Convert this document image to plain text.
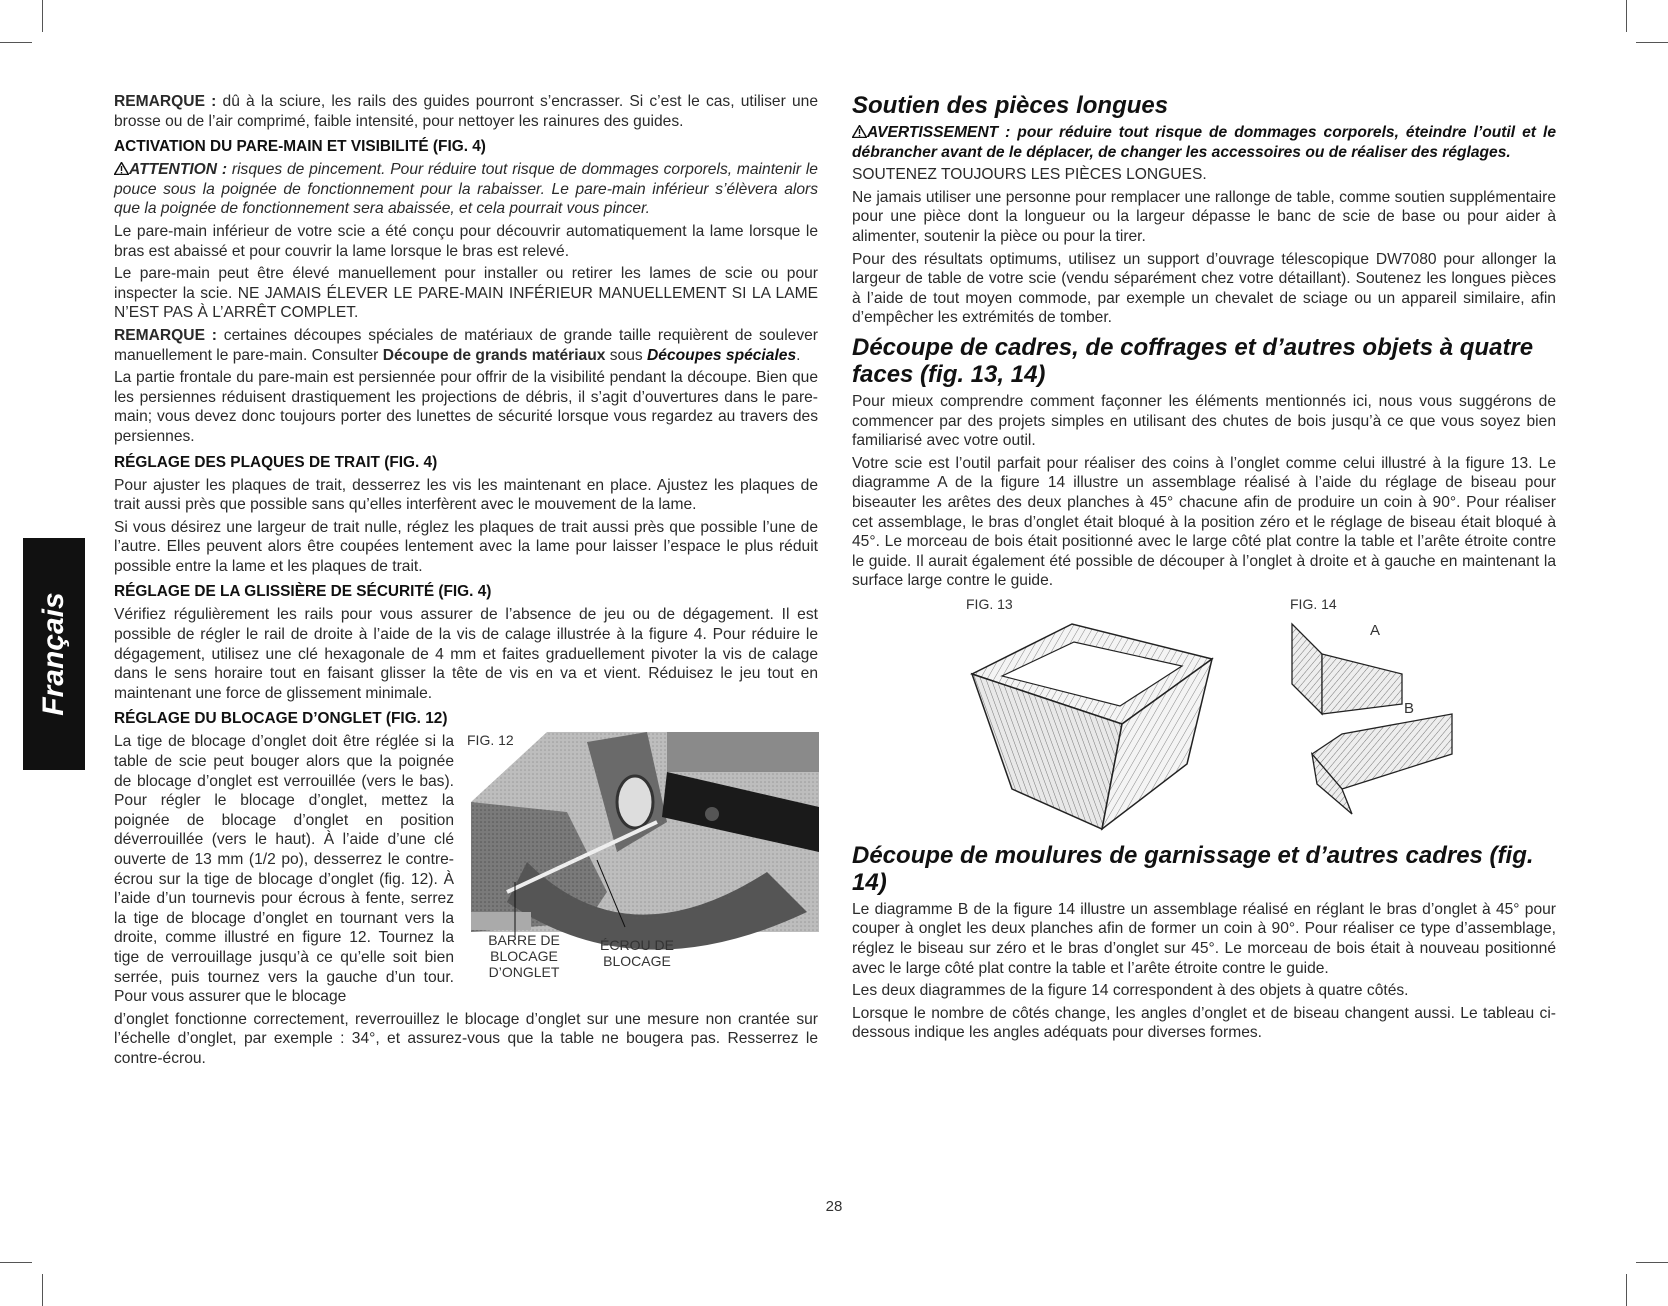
Français

REMARQUE : dû à la sciure, les rails des guides pourront s’encrasser. Si c’est le cas, utiliser une brosse ou de l’air comprimé, faible intensité, pour nettoyer les rainures des guides.

ACTIVATION DU PARE-MAIN ET VISIBILITÉ (FIG. 4)

ATTENTION : risques de pincement. Pour réduire tout risque de dommages corporels, maintenir le pouce sous la poignée de fonctionnement pour la rabaisser. Le pare-main inférieur s’élèvera alors que la poignée de fonctionnement sera abaissée, et cela pourrait vous pincer.

Le pare-main inférieur de votre scie a été conçu pour découvrir automatiquement la lame lorsque le bras est abaissé et pour couvrir la lame lorsque le bras est relevé.

Le pare-main peut être élevé manuellement pour installer ou retirer les lames de scie ou pour inspecter la scie. NE JAMAIS ÉLEVER LE PARE-MAIN INFÉRIEUR MANUELLEMENT SI LA LAME N’EST PAS À L’ARRÊT COMPLET.

REMARQUE : certaines découpes spéciales de matériaux de grande taille requièrent de soulever manuellement le pare-main. Consulter Découpe de grands matériaux sous Découpes spéciales.

La partie frontale du pare-main est persiennée pour offrir de la visibilité pendant la découpe. Bien que les persiennes réduisent drastiquement les projections de débris, il s’agit d’ouvertures dans le pare-main; vous devez donc toujours porter des lunettes de sécurité lorsque vous regardez au travers des persiennes.

RÉGLAGE DES PLAQUES DE TRAIT (FIG. 4)

Pour ajuster les plaques de trait, desserrez les vis les maintenant en place. Ajustez les plaques de trait aussi près que possible sans qu’elles interfèrent avec le mouvement de la lame.

Si vous désirez une largeur de trait nulle, réglez les plaques de trait aussi près que possible l’une de l’autre. Elles peuvent alors être coupées lentement avec la lame pour laisser l’espace le plus réduit possible entre la lame et les plaques de trait.

RÉGLAGE DE LA GLISSIÈRE DE SÉCURITÉ (FIG. 4)

Vérifiez régulièrement les rails pour vous assurer de l’absence de jeu ou de dégagement. Il est possible de régler le rail de droite à l’aide de la vis de calage illustrée à la figure 4. Pour réduire le dégagement, utilisez une clé hexagonale de 4 mm et faites graduellement pivoter la vis de calage dans le sens horaire tout en faisant glisser la tête de vis en va et vient. Réduisez le jeu tout en maintenant une force de glissement minimale.

RÉGLAGE DU BLOCAGE D’ONGLET (FIG. 12)

La tige de blocage d’onglet doit être réglée si la table de scie peut bouger alors que la poignée de blocage d’onglet est verrouillée (vers le bas). Pour régler le blocage d’onglet, mettez la poignée de blocage d’onglet en position déverrouillée (vers le haut). À l’aide d’une clé ouverte de 13 mm (1/2 po), desserrez le contre-écrou sur la tige de blocage d’onglet (fig. 12). À l’aide d’un tournevis pour écrous à fente, serrez la tige de blocage d’onglet en tournant vers la droite, comme illustré en figure 12. Tournez la tige de verrouillage jusqu’à ce qu’elle soit bien serrée, puis tournez vers la gauche d’un tour. Pour vous assurer que le blocage

FIG. 12
BARRE DE BLOCAGE D’ONGLET
ÉCROU DE BLOCAGE

d’onglet fonctionne correctement, reverrouillez le blocage d’onglet sur une mesure non crantée sur l’échelle d’onglet, par exemple : 34°, et assurez-vous que la table ne bougera pas. Resserrez le contre-écrou.

Soutien des pièces longues

AVERTISSEMENT : pour réduire tout risque de dommages corporels, éteindre l’outil et le débrancher avant de le déplacer, de changer les accessoires ou de réaliser des réglages.

SOUTENEZ TOUJOURS LES PIÈCES LONGUES.

Ne jamais utiliser une personne pour remplacer une rallonge de table, comme soutien supplémentaire pour une pièce dont la longueur ou la largeur dépasse le banc de scie de base ou pour aider à alimenter, soutenir la pièce ou pour la tirer.

Pour des résultats optimums, utilisez un support d’ouvrage télescopique DW7080 pour allonger la largeur de table de votre scie (vendu séparément chez votre détaillant). Soutenez les longues pièces à l’aide de tout moyen commode, par exemple un chevalet de sciage ou un appareil similaire, afin d’empêcher les extrémités de tomber.

Découpe de cadres, de coffrages et d’autres objets à quatre faces (fig. 13, 14)

Pour mieux comprendre comment façonner les éléments mentionnés ici, nous vous suggérons de commencer par des projets simples en utilisant des chutes de bois jusqu’à ce que vous soyez bien familiarisé avec votre outil.

Votre scie est l’outil parfait pour réaliser des coins à l’onglet comme celui illustré à la figure 13. Le diagramme A de la figure 14 illustre un assemblage réalisé à l’aide du réglage de biseau pour biseauter les arêtes des deux planches à 45° chacune afin de produire un coin à 90°. Pour réaliser cet assemblage, le bras d’onglet était bloqué à la position zéro et le réglage de biseau était bloqué à 45°. Le morceau de bois était positionné avec le large côté plat contre la table et l’arête étroite contre le guide. Il aurait également été possible de découper à l’onglet à droite et à gauche en maintenant la surface large contre le guide.

FIG. 13	FIG. 14
A
B
Découpe de moulures de garnissage et d’autres cadres (fig. 14)

Le diagramme B de la figure 14 illustre un assemblage réalisé en réglant le bras d’onglet à 45° pour couper à onglet les deux planches afin de former un coin à 90°. Pour réaliser ce type d’assemblage, réglez le biseau sur zéro et le bras d’onglet sur 45°. Le morceau de bois était à nouveau positionné avec le large côté plat contre la table et l’arête étroite contre le guide.

Les deux diagrammes de la figure 14 correspondent à des objets à quatre côtés.

Lorsque le nombre de côtés change, les angles d’onglet et de biseau changent aussi. Le tableau ci-dessous indique les angles adéquats pour diverses formes.

28
